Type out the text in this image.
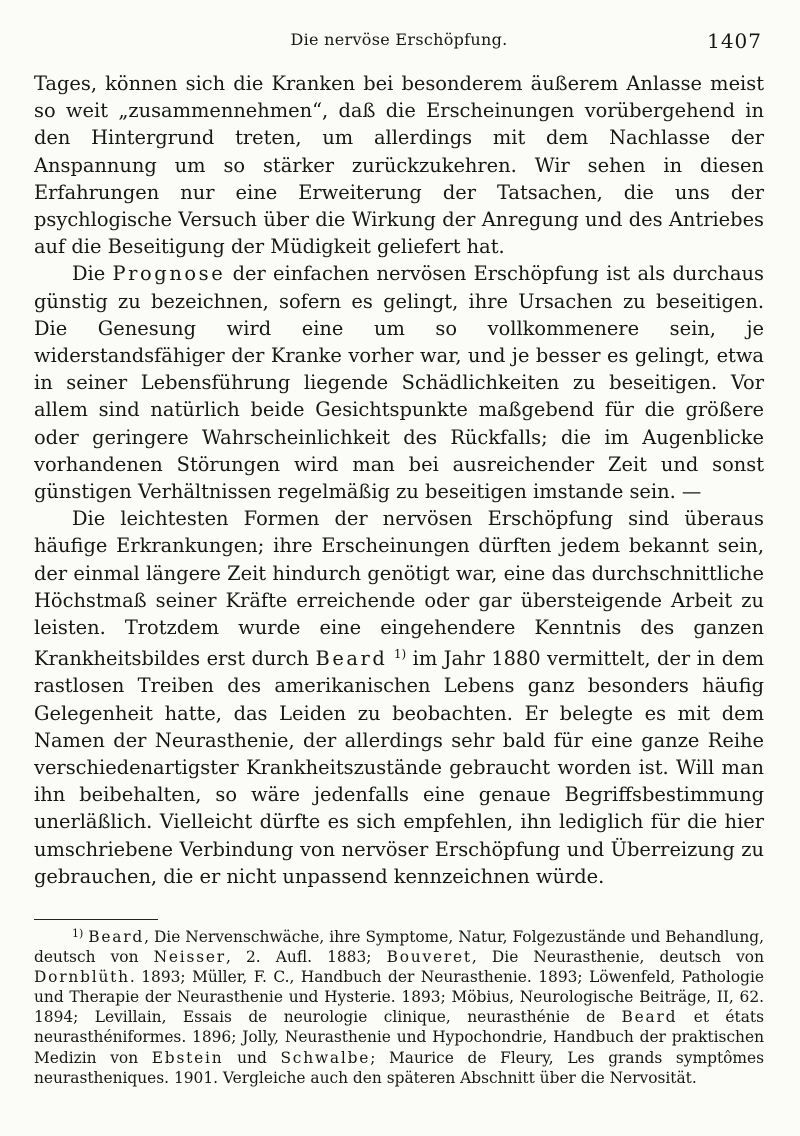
Die nervöse Erschöpfung.	1407

Tages, können sich die Kranken bei besonderem äußerem Anlasse meist so weit „zusammennehmen“, daß die Erscheinungen vorübergehend in den Hintergrund treten, um allerdings mit dem Nachlasse der Anspannung um so stärker zurückzukehren. Wir sehen in diesen Erfahrungen nur eine Erweiterung der Tatsachen, die uns der psychlogische Versuch über die Wirkung der Anregung und des Antriebes auf die Beseitigung der Müdigkeit geliefert hat.

Die Prognose der einfachen nervösen Erschöpfung ist als durchaus günstig zu bezeichnen, sofern es gelingt, ihre Ursachen zu beseitigen. Die Genesung wird eine um so vollkommenere sein, je widerstandsfähiger der Kranke vorher war, und je besser es gelingt, etwa in seiner Lebensführung liegende Schädlichkeiten zu beseitigen. Vor allem sind natürlich beide Gesichtspunkte maßgebend für die größere oder geringere Wahrscheinlichkeit des Rückfalls; die im Augenblicke vorhandenen Störungen wird man bei ausreichender Zeit und sonst günstigen Verhältnissen regelmäßig zu beseitigen imstande sein. —

Die leichtesten Formen der nervösen Erschöpfung sind überaus häufige Erkrankungen; ihre Erscheinungen dürften jedem bekannt sein, der einmal längere Zeit hindurch genötigt war, eine das durchschnittliche Höchstmaß seiner Kräfte erreichende oder gar übersteigende Arbeit zu leisten. Trotzdem wurde eine eingehendere Kenntnis des ganzen Krankheitsbildes erst durch Beard $^{1)}$ im Jahr 1880 vermittelt, der in dem rastlosen Treiben des amerikanischen Lebens ganz besonders häufig Gelegenheit hatte, das Leiden zu beobachten. Er belegte es mit dem Namen der Neurasthenie, der allerdings sehr bald für eine ganze Reihe verschiedenartigster Krankheitszustände gebraucht worden ist. Will man ihn beibehalten, so wäre jedenfalls eine genaue Begriffsbestimmung unerläßlich. Vielleicht dürfte es sich empfehlen, ihn lediglich für die hier umschriebene Verbindung von nervöser Erschöpfung und Überreizung zu gebrauchen, die er nicht unpassend kennzeichnen würde.

$^{1)}$ Beard, Die Nervenschwäche, ihre Symptome, Natur, Folgezustände und Behandlung, deutsch von Neisser, 2. Aufl. 1883; Bouveret, Die Neurasthenie, deutsch von Dornblüth. 1893; Müller, F. C., Handbuch der Neurasthenie. 1893; Löwenfeld, Pathologie und Therapie der Neurasthenie und Hysterie. 1893; Möbius, Neurologische Beiträge, II, 62. 1894; Levillain, Essais de neurologie clinique, neurasthénie de Beard et états neurasthéniformes. 1896; Jolly, Neurasthenie und Hypochondrie, Handbuch der praktischen Medizin von Ebstein und Schwalbe; Maurice de Fleury, Les grands symptômes neurastheniques. 1901. Vergleiche auch den späteren Abschnitt über die Nervosität.
